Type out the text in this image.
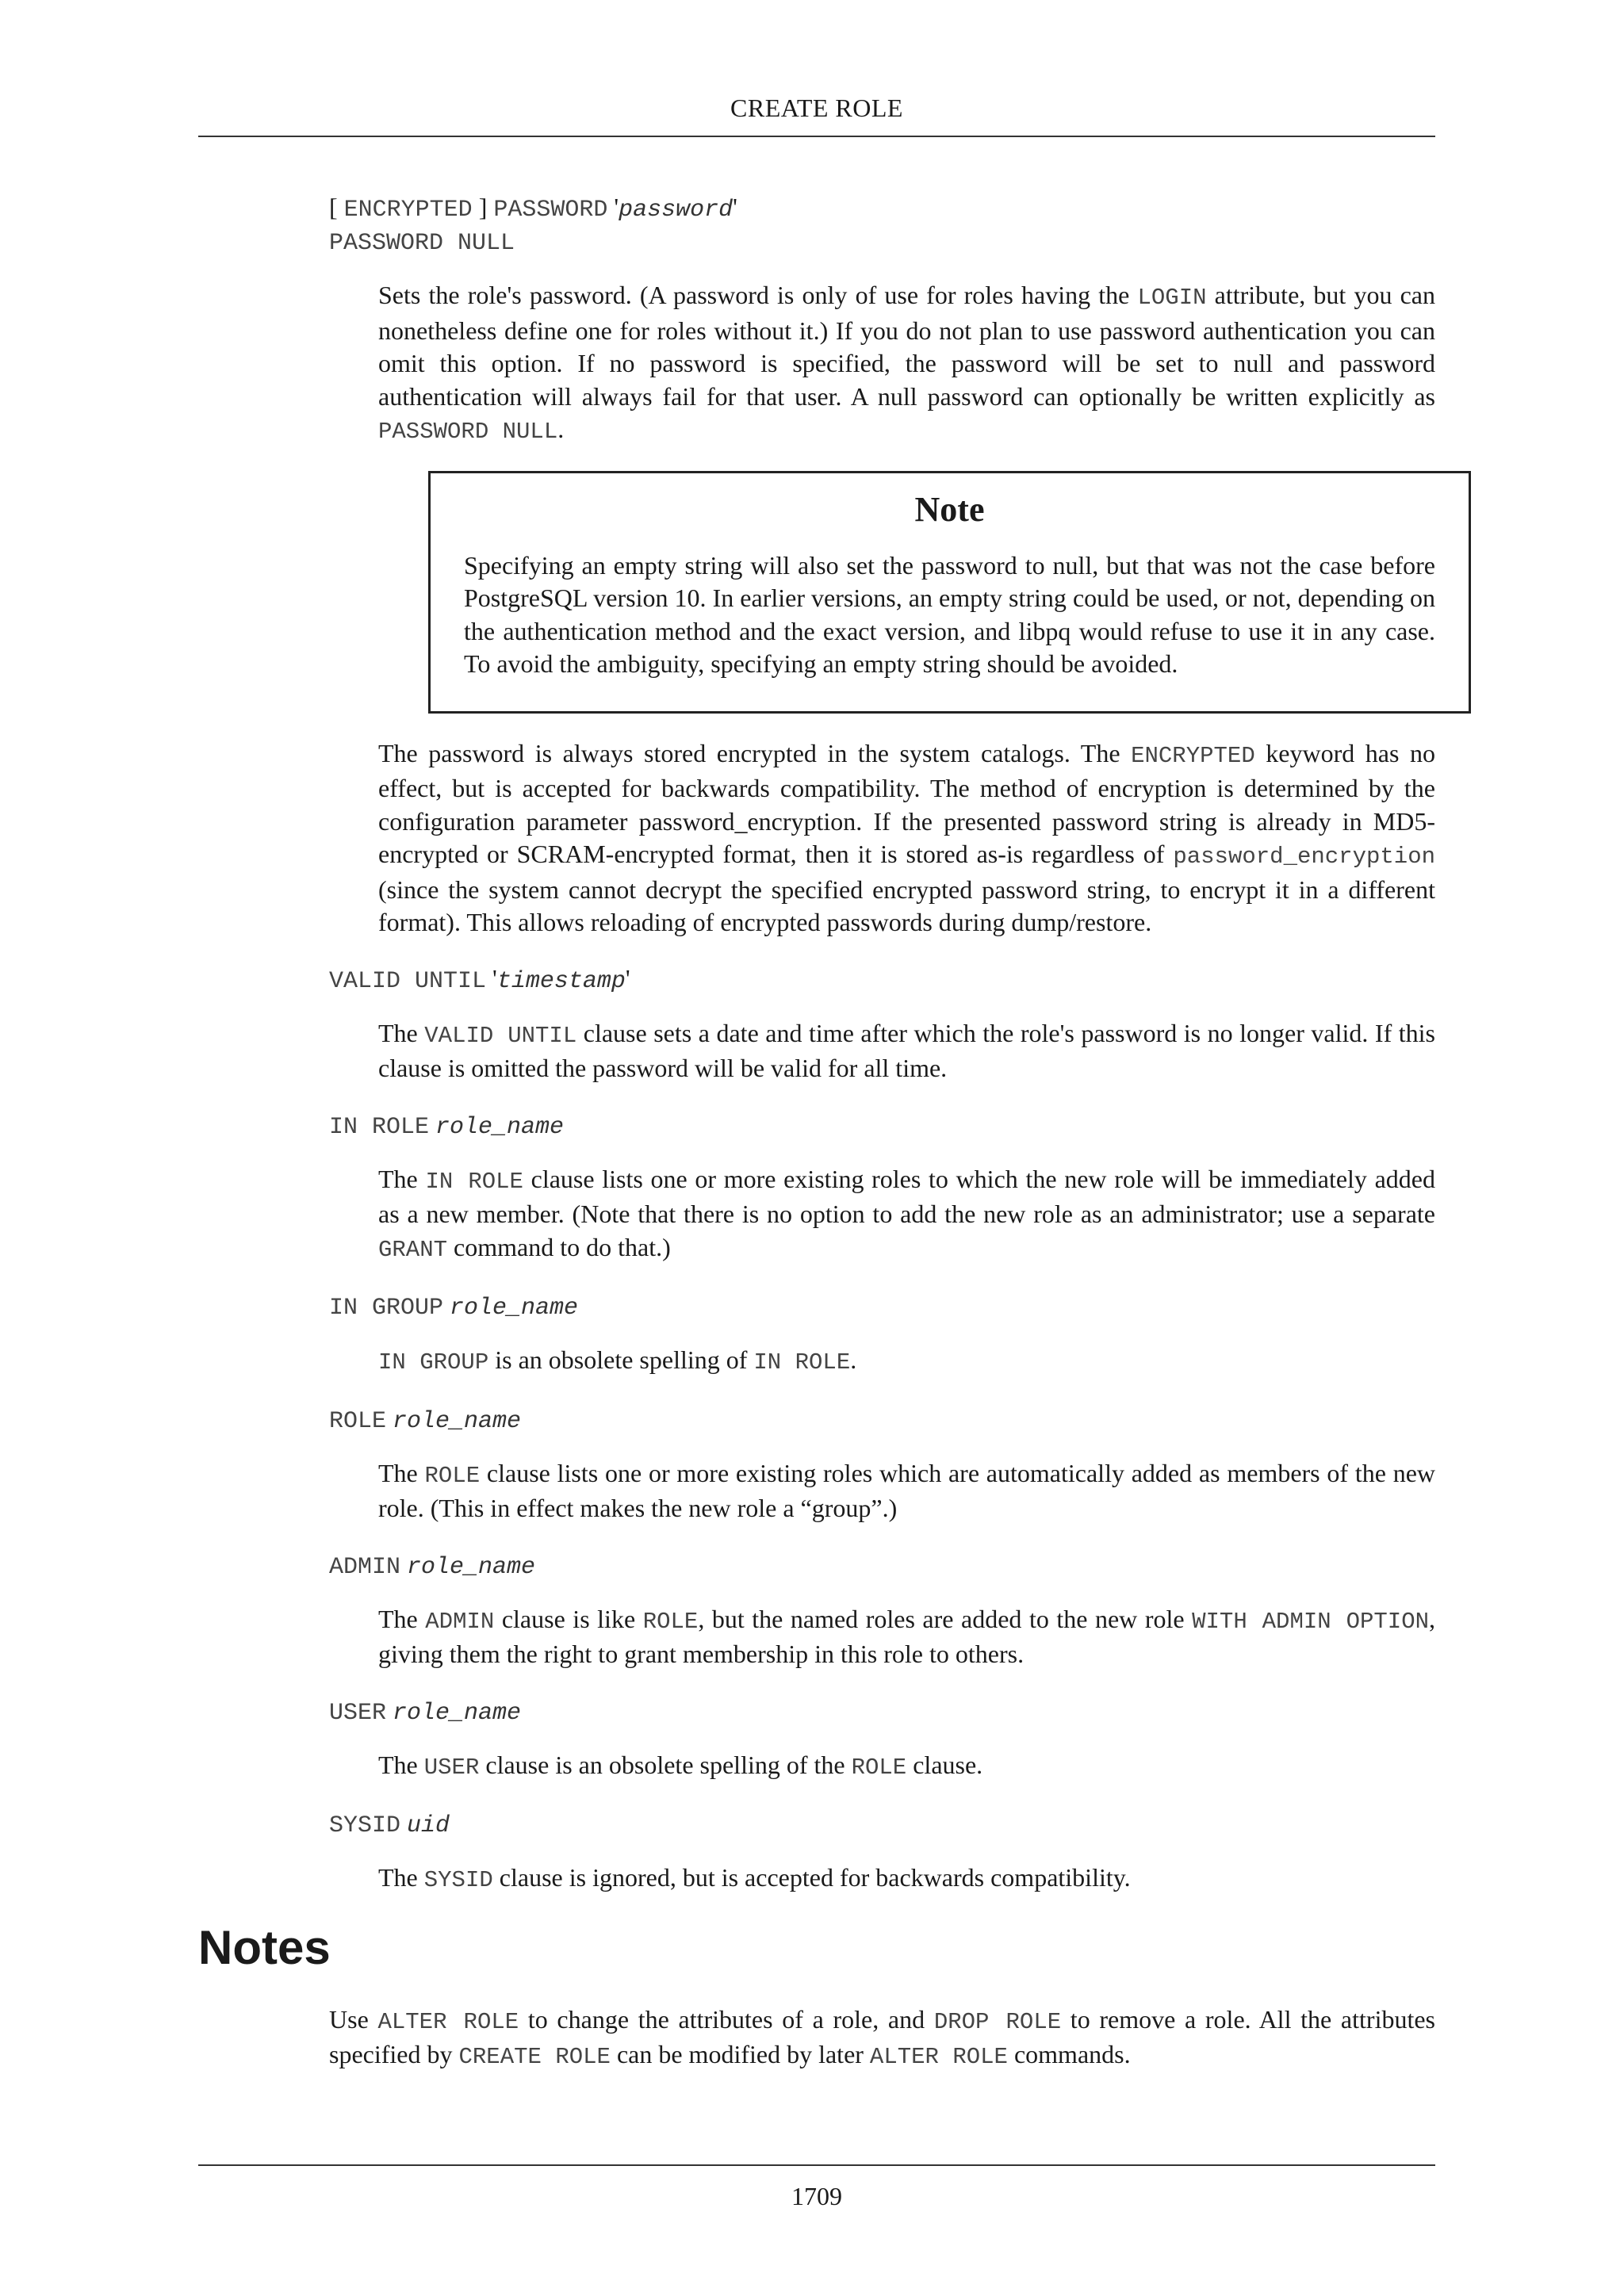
CREATE ROLE
[ ENCRYPTED ] PASSWORD 'password'
PASSWORD NULL
Sets the role's password. (A password is only of use for roles having the LOGIN attribute, but you can nonetheless define one for roles without it.) If you do not plan to use password authentication you can omit this option. If no password is specified, the password will be set to null and password authentication will always fail for that user. A null password can optionally be written explicitly as PASSWORD NULL.
Note
Specifying an empty string will also set the password to null, but that was not the case before PostgreSQL version 10. In earlier versions, an empty string could be used, or not, depending on the authentication method and the exact version, and libpq would refuse to use it in any case. To avoid the ambiguity, specifying an empty string should be avoided.
The password is always stored encrypted in the system catalogs. The ENCRYPTED keyword has no effect, but is accepted for backwards compatibility. The method of encryption is determined by the configuration parameter password_encryption. If the presented password string is already in MD5-encrypted or SCRAM-encrypted format, then it is stored as-is regardless of password_encryption (since the system cannot decrypt the specified encrypted password string, to encrypt it in a different format). This allows reloading of encrypted passwords during dump/restore.
VALID UNTIL 'timestamp'
The VALID UNTIL clause sets a date and time after which the role's password is no longer valid. If this clause is omitted the password will be valid for all time.
IN ROLE role_name
The IN ROLE clause lists one or more existing roles to which the new role will be immediately added as a new member. (Note that there is no option to add the new role as an administrator; use a separate GRANT command to do that.)
IN GROUP role_name
IN GROUP is an obsolete spelling of IN ROLE.
ROLE role_name
The ROLE clause lists one or more existing roles which are automatically added as members of the new role. (This in effect makes the new role a “group”.)
ADMIN role_name
The ADMIN clause is like ROLE, but the named roles are added to the new role WITH ADMIN OPTION, giving them the right to grant membership in this role to others.
USER role_name
The USER clause is an obsolete spelling of the ROLE clause.
SYSID uid
The SYSID clause is ignored, but is accepted for backwards compatibility.
Notes
Use ALTER ROLE to change the attributes of a role, and DROP ROLE to remove a role. All the attributes specified by CREATE ROLE can be modified by later ALTER ROLE commands.
1709
